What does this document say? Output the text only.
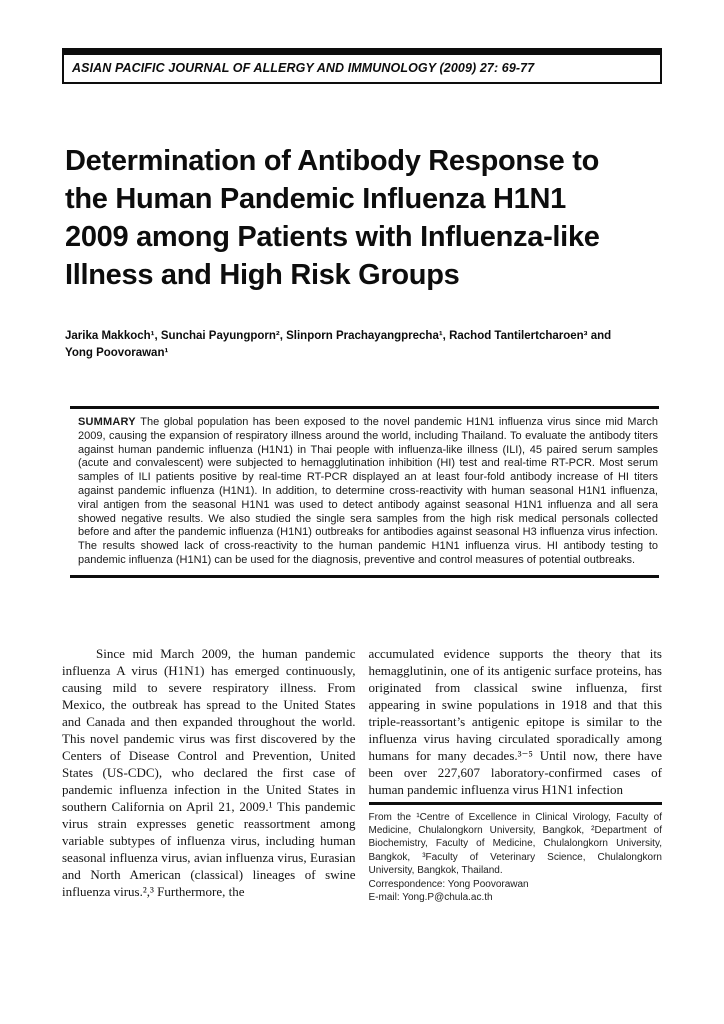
ASIAN PACIFIC JOURNAL OF ALLERGY AND IMMUNOLOGY (2009) 27: 69-77
Determination of Antibody Response to
the Human Pandemic Influenza H1N1
2009 among Patients with Influenza-like
Illness and High Risk Groups
Jarika Makkoch¹, Sunchai Payungporn², Slinporn Prachayangprecha¹, Rachod Tantilertcharoen³ and
Yong Poovorawan¹

SUMMARY The global population has been exposed to the novel pandemic H1N1 influenza virus since mid March 2009, causing the expansion of respiratory illness around the world, including Thailand. To evaluate the antibody titers against human pandemic influenza (H1N1) in Thai people with influenza-like illness (ILI), 45 paired serum samples (acute and convalescent) were subjected to hemagglutination inhibition (HI) test and real-time RT-PCR. Most serum samples of ILI patients positive by real-time RT-PCR displayed an at least four-fold antibody increase of HI titers against pandemic influenza (H1N1). In addition, to determine cross-reactivity with human seasonal H1N1 influenza, viral antigen from the seasonal H1N1 was used to detect antibody against seasonal H1N1 influenza and all sera showed negative results. We also studied the single sera samples from the high risk medical personals collected before and after the pandemic influenza (H1N1) outbreaks for antibodies against seasonal H3 influenza virus infection. The results showed lack of cross-reactivity to the human pandemic H1N1 influenza virus. HI antibody testing to pandemic influenza (H1N1) can be used for the diagnosis, preventive and control measures of potential outbreaks.

Since mid March 2009, the human pandemic influenza A virus (H1N1) has emerged continuously, causing mild to severe respiratory illness. From Mexico, the outbreak has spread to the United States and Canada and then expanded throughout the world. This novel pandemic virus was first discovered by the Centers of Disease Control and Prevention, United States (US-CDC), who declared the first case of pandemic influenza infection in the United States in southern California on April 21, 2009.¹ This pandemic virus strain expresses genetic reassortment among variable subtypes of influenza virus, including human seasonal influenza virus, avian influenza virus, Eurasian and North American (classical) lineages of swine influenza virus.²,³ Furthermore, the

accumulated evidence supports the theory that its hemagglutinin, one of its antigenic surface proteins, has originated from classical swine influenza, first appearing in swine populations in 1918 and that this triple-reassortant’s antigenic epitope is similar to the influenza virus having circulated sporadically among humans for many decades.³⁻⁵ Until now, there have been over 227,607 laboratory-confirmed cases of human pandemic influenza virus H1N1 infection

From the ¹Centre of Excellence in Clinical Virology, Faculty of Medicine, Chulalongkorn University, Bangkok, ²Department of Biochemistry, Faculty of Medicine, Chulalongkorn University, Bangkok, ³Faculty of Veterinary Science, Chulalongkorn University, Bangkok, Thailand.

Correspondence: Yong Poovorawan

E-mail: Yong.P@chula.ac.th
